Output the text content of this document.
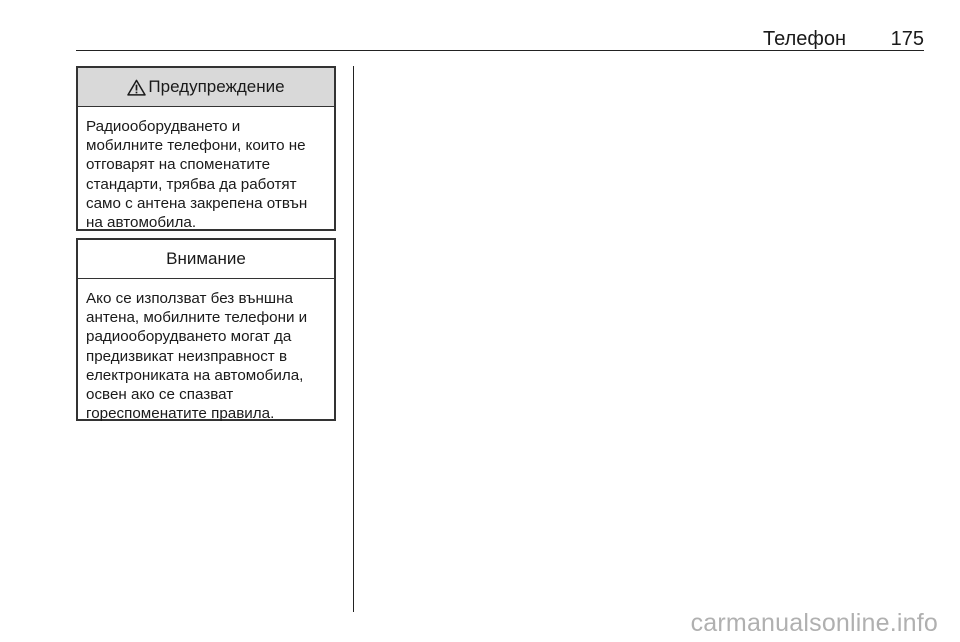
Телефон 175
Предупреждение
Радиооборудването и
мобилните телефони, които не
отговарят на споменатите
стандарти, трябва да работят
само с антена закрепена отвън
на автомобила.
Внимание
Ако се използват без външна
антена, мобилните телефони и
радиооборудването могат да
предизвикат неизправност в
електрониката на автомобила,
освен ако се спазват
гореспоменатите правила.
carmanualsonline.info
